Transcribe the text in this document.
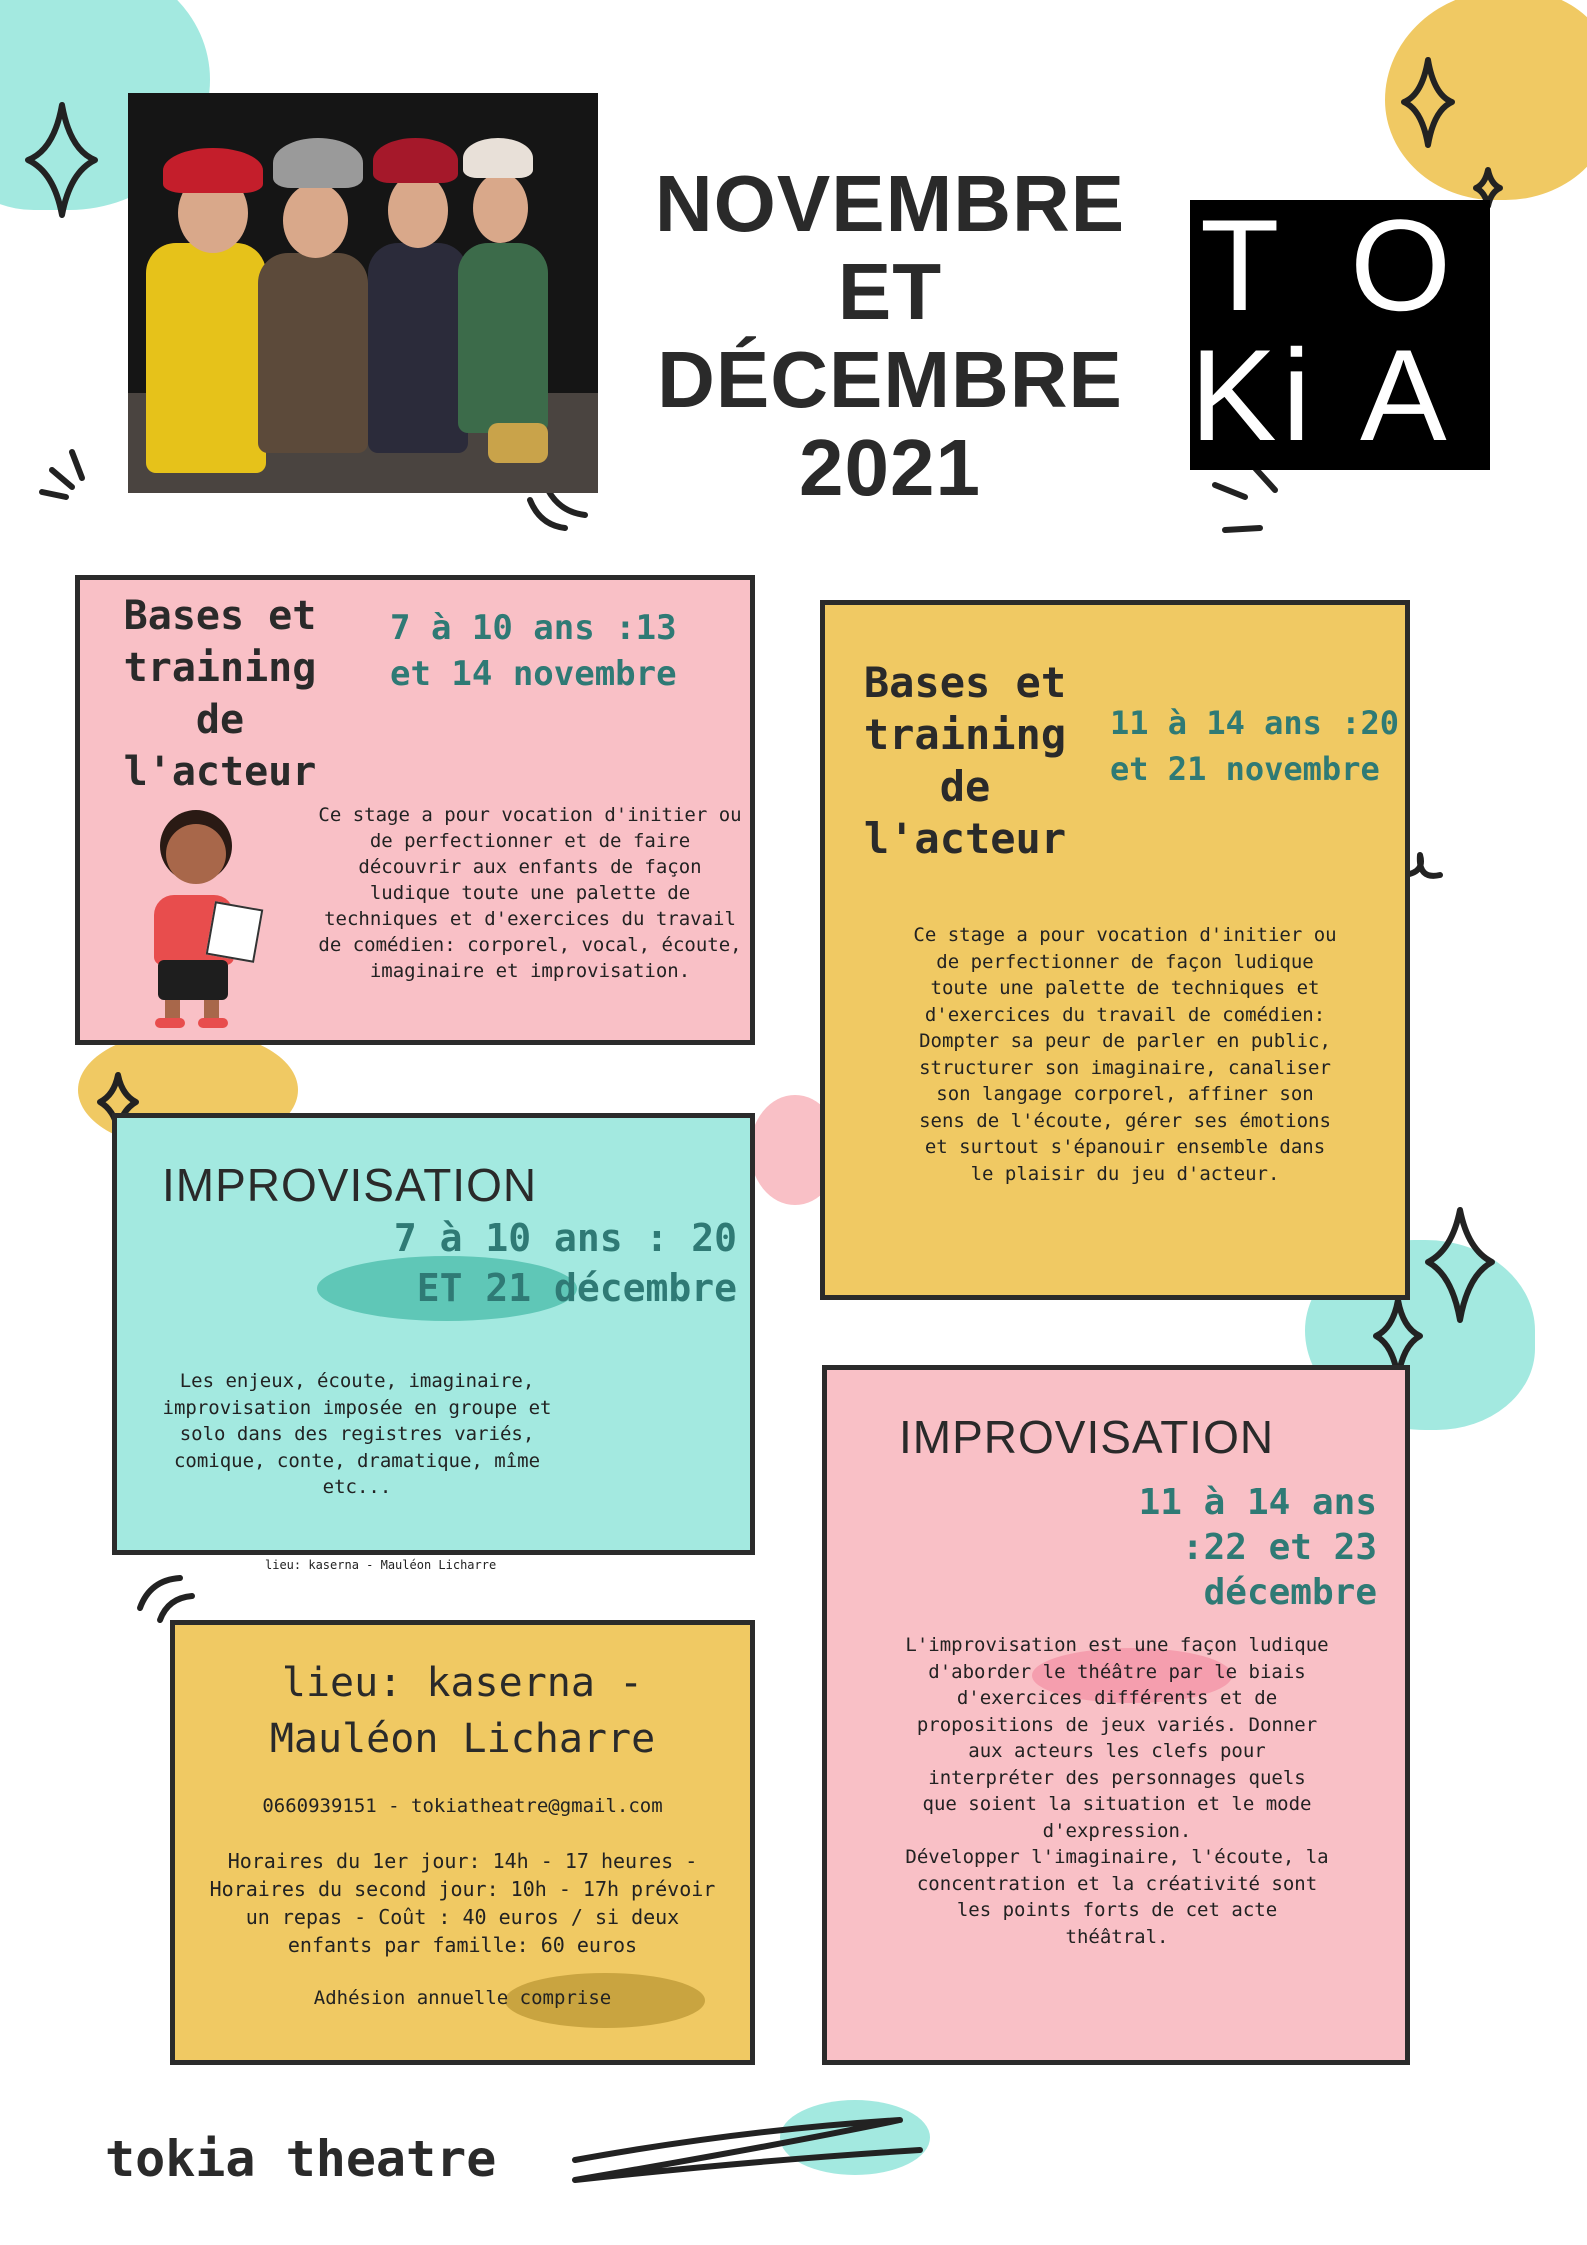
NOVEMBRE ET
DÉCEMBRE
2021
T O
K i A
Bases et
training de
l'acteur
7 à 10 ans :13
et 14 novembre
Ce stage a pour vocation d'initier ou
de perfectionner et de faire
découvrir aux enfants de façon
ludique toute une palette de
techniques et d'exercices du travail
de comédien: corporel, vocal, écoute,
imaginaire et improvisation.
Bases et
training de
l'acteur
11 à 14 ans :20
et 21 novembre
Ce stage a pour vocation d'initier ou
de perfectionner de façon ludique
toute une palette de techniques et
d'exercices du travail de comédien:
Dompter sa peur de parler en public,
structurer son imaginaire, canaliser
son langage corporel, affiner son
sens de l'écoute, gérer ses émotions
et surtout s'épanouir ensemble dans
le plaisir du jeu d'acteur.
IMPROVISATION
7 à 10 ans : 20
ET 21 décembre
Les enjeux, écoute, imaginaire,
improvisation imposée en groupe et
solo dans des registres variés,
comique, conte, dramatique, mîme
etc...
lieu: kaserna - Mauléon Licharre
IMPROVISATION
11 à 14 ans
:22 et 23
décembre
L'improvisation est une façon ludique
d'aborder le théâtre par le biais
d'exercices différents et de
propositions de jeux variés. Donner
aux acteurs les clefs pour
interpréter des personnages quels
que soient la situation et le mode
d'expression.
Développer l'imaginaire, l'écoute, la
concentration et la créativité sont
les points forts de cet acte
théâtral.
lieu: kaserna -
Mauléon Licharre
0660939151 - tokiatheatre@gmail.com
Horaires du 1er jour: 14h - 17 heures -
Horaires du second jour: 10h - 17h prévoir
un repas - Coût : 40 euros / si deux
enfants par famille: 60 euros
Adhésion annuelle comprise
tokia theatre
